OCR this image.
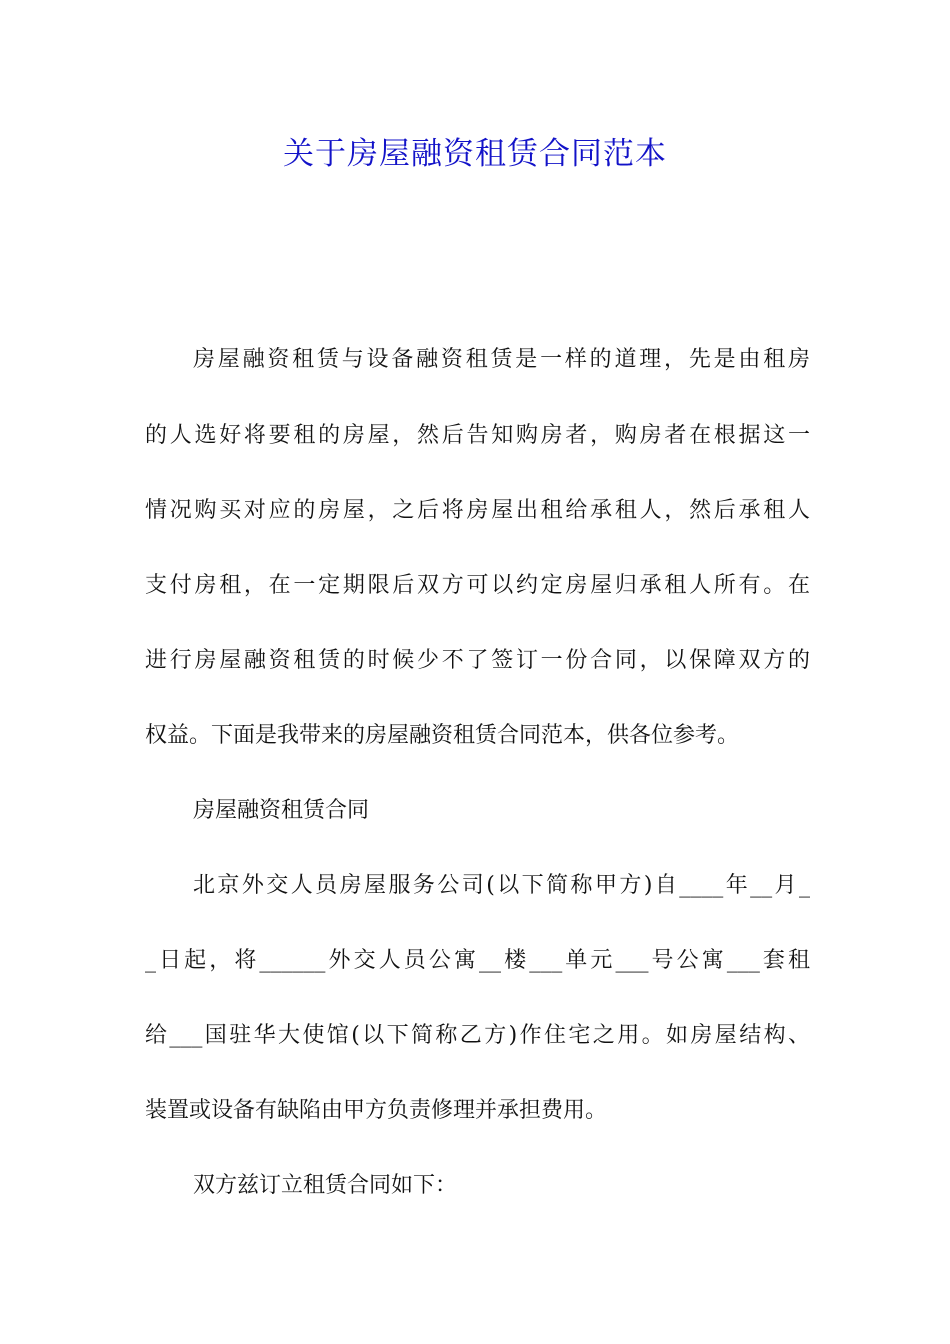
关于房屋融资租赁合同范本

房屋融资租赁与设备融资租赁是一样的道理，先是由租房

的人选好将要租的房屋，然后告知购房者，购房者在根据这一

情况购买对应的房屋，之后将房屋出租给承租人，然后承租人

支付房租，在一定期限后双方可以约定房屋归承租人所有。在

进行房屋融资租赁的时候少不了签订一份合同，以保障双方的

权益。下面是我带来的房屋融资租赁合同范本，供各位参考。

房屋融资租赁合同

北京外交人员房屋服务公司(以下简称甲方)自____年__月_

_日起，将______外交人员公寓__楼___单元___号公寓___套租

给___国驻华大使馆(以下简称乙方)作住宅之用。如房屋结构、

装置或设备有缺陷由甲方负责修理并承担费用。

双方兹订立租赁合同如下：
